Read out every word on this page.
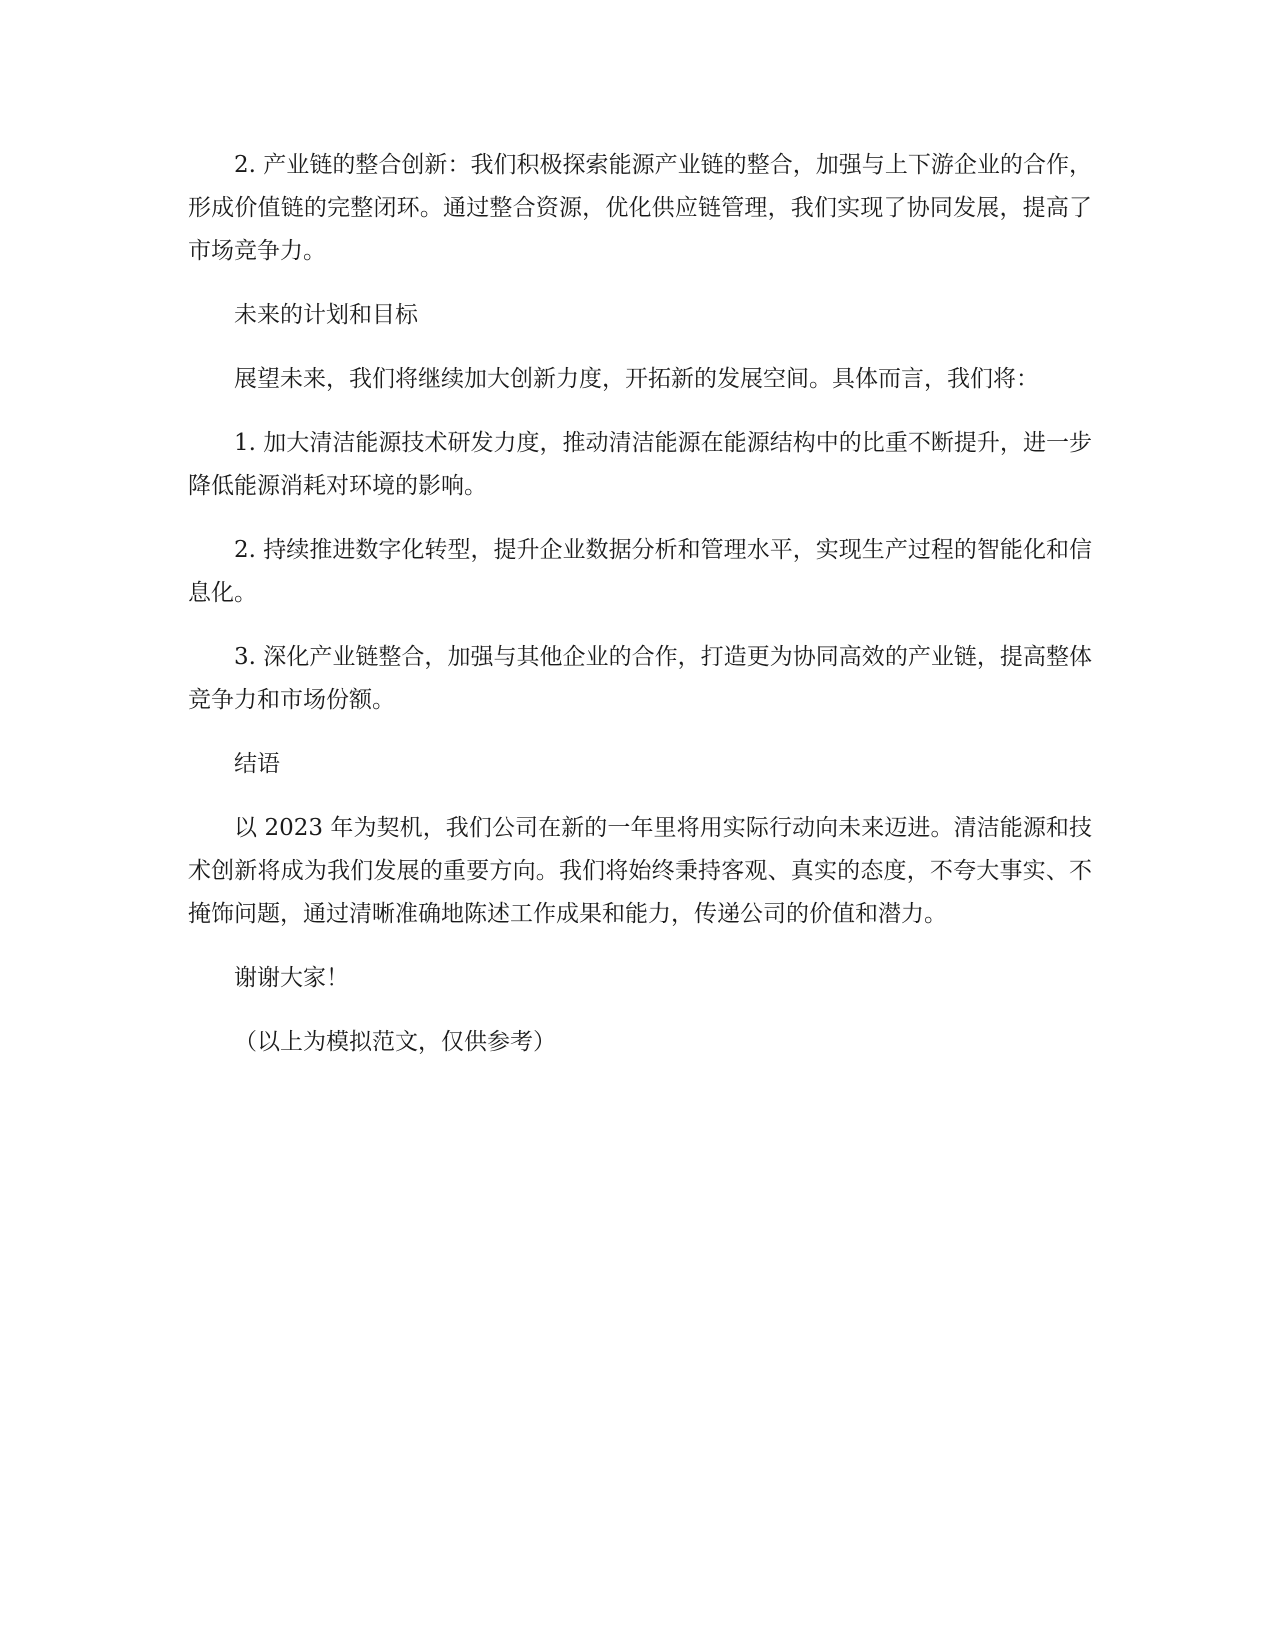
2. 产业链的整合创新：我们积极探索能源产业链的整合，加强与上下游企业的合作，形成价值链的完整闭环。通过整合资源，优化供应链管理，我们实现了协同发展，提高了市场竞争力。

未来的计划和目标

展望未来，我们将继续加大创新力度，开拓新的发展空间。具体而言，我们将：

1. 加大清洁能源技术研发力度，推动清洁能源在能源结构中的比重不断提升，进一步降低能源消耗对环境的影响。

2. 持续推进数字化转型，提升企业数据分析和管理水平，实现生产过程的智能化和信息化。

3. 深化产业链整合，加强与其他企业的合作，打造更为协同高效的产业链，提高整体竞争力和市场份额。

结语

以 2023 年为契机，我们公司在新的一年里将用实际行动向未来迈进。清洁能源和技术创新将成为我们发展的重要方向。我们将始终秉持客观、真实的态度，不夸大事实、不掩饰问题，通过清晰准确地陈述工作成果和能力，传递公司的价值和潜力。

谢谢大家！

（以上为模拟范文，仅供参考）
